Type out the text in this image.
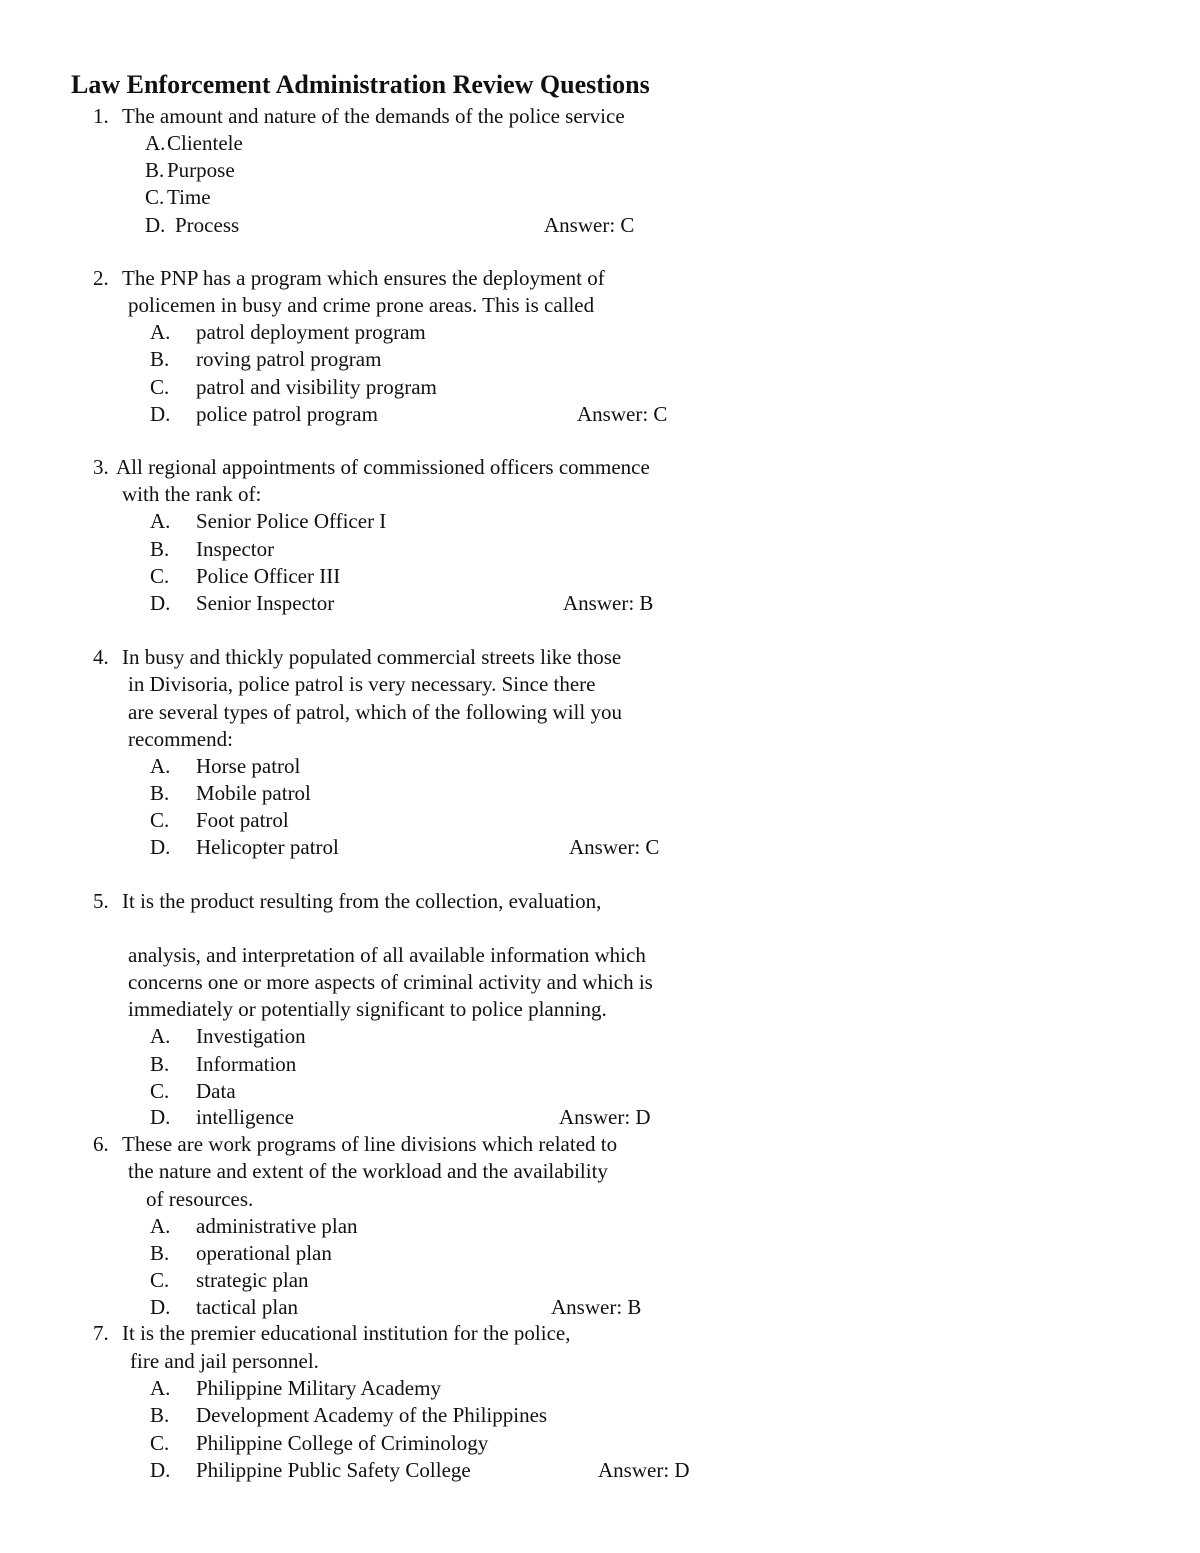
Law Enforcement Administration Review Questions
1. The amount and nature of the demands of the police service
A. Clientele
B. Purpose
C. Time
D. Process	Answer: C
2. The PNP has a program which ensures the deployment of
policemen in busy and crime prone areas. This is called
A. patrol deployment program
B. roving patrol program
C. patrol and visibility program
D. police patrol program	Answer: C
3. All regional appointments of commissioned officers commence
with the rank of:
A. Senior Police Officer I
B. Inspector
C. Police Officer III
D. Senior Inspector	Answer: B
4. In busy and thickly populated commercial streets like those
in Divisoria, police patrol is very necessary. Since there
are several types of patrol, which of the following will you
recommend:
A. Horse patrol
B. Mobile patrol
C. Foot patrol
D. Helicopter patrol	Answer: C
5. It is the product resulting from the collection, evaluation,
analysis, and interpretation of all available information which
concerns one or more aspects of criminal activity and which is
immediately or potentially significant to police planning.
A. Investigation
B. Information
C. Data
D. intelligence	Answer: D
6. These are work programs of line divisions which related to
the nature and extent of the workload and the availability
of resources.
A. administrative plan
B. operational plan
C. strategic plan
D. tactical plan	Answer: B
7. It is the premier educational institution for the police,
fire and jail personnel.
A. Philippine Military Academy
B. Development Academy of the Philippines
C. Philippine College of Criminology
D. Philippine Public Safety College	Answer: D
